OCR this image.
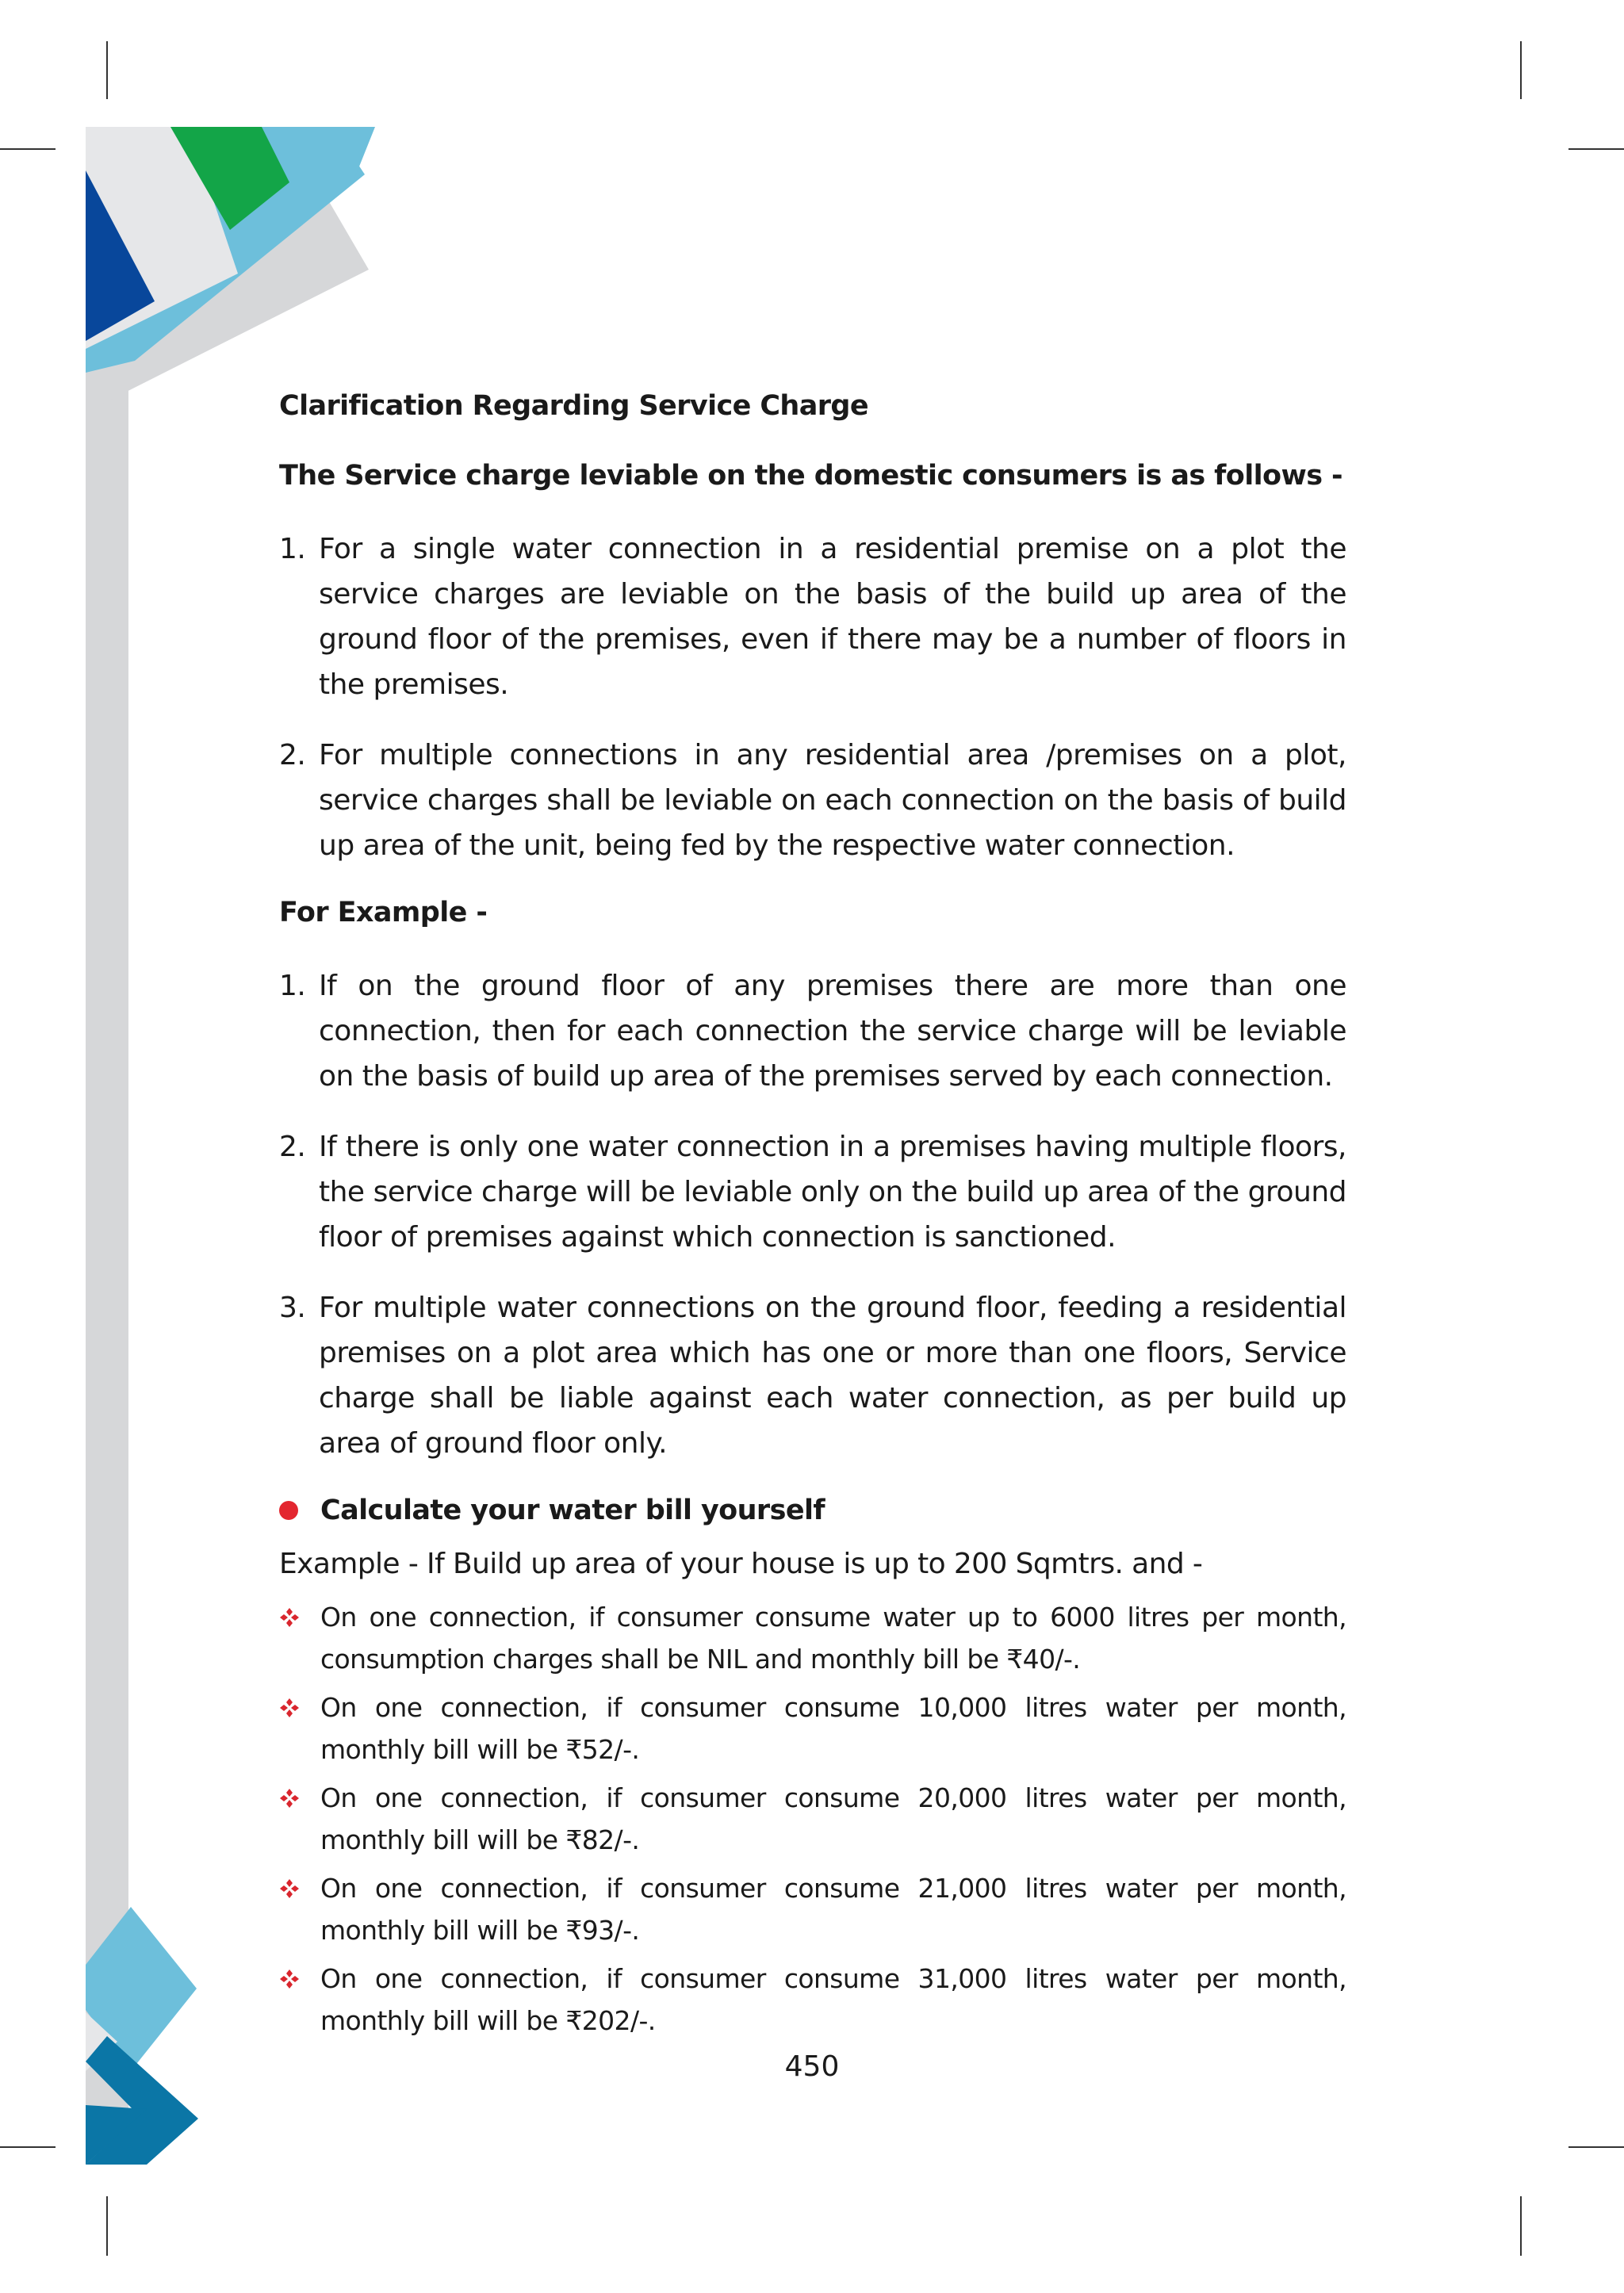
Clarification Regarding Service Charge
The Service charge leviable on the domestic consumers is as follows -
1. For a single water connection in a residential premise on a plot the service charges are leviable on the basis of the build up area of the ground floor of the premises, even if there may be a number of floors in the premises.
2. For multiple connections in any residential area /premises on a plot, service charges shall be leviable on each connection on the basis of build up area of the unit, being fed by the respective water connection.
For Example -
1. If on the ground floor of any premises there are more than one connection, then for each connection the service charge will be leviable on the basis of build up area of the premises served by each connection.
2. If there is only one water connection in a premises having multiple floors, the service charge will be leviable only on the build up area of the ground floor of premises against which connection is sanctioned.
3. For multiple water connections on the ground floor, feeding a residential premises on a plot area which has one or more than one floors, Service charge shall be liable against each water connection, as per build up area of ground floor only.
Calculate your water bill yourself
Example - If Build up area of your house is up to 200 Sqmtrs. and -
On one connection, if consumer consume water up to 6000 litres per month, consumption charges shall be NIL and monthly bill be ₹40/-.
On one connection, if consumer consume 10,000 litres water per month, monthly bill will be ₹52/-.
On one connection, if consumer consume 20,000 litres water per month, monthly bill will be ₹82/-.
On one connection, if consumer consume 21,000 litres water per month, monthly bill will be ₹93/-.
On one connection, if consumer consume 31,000 litres water per month, monthly bill will be ₹202/-.
450
